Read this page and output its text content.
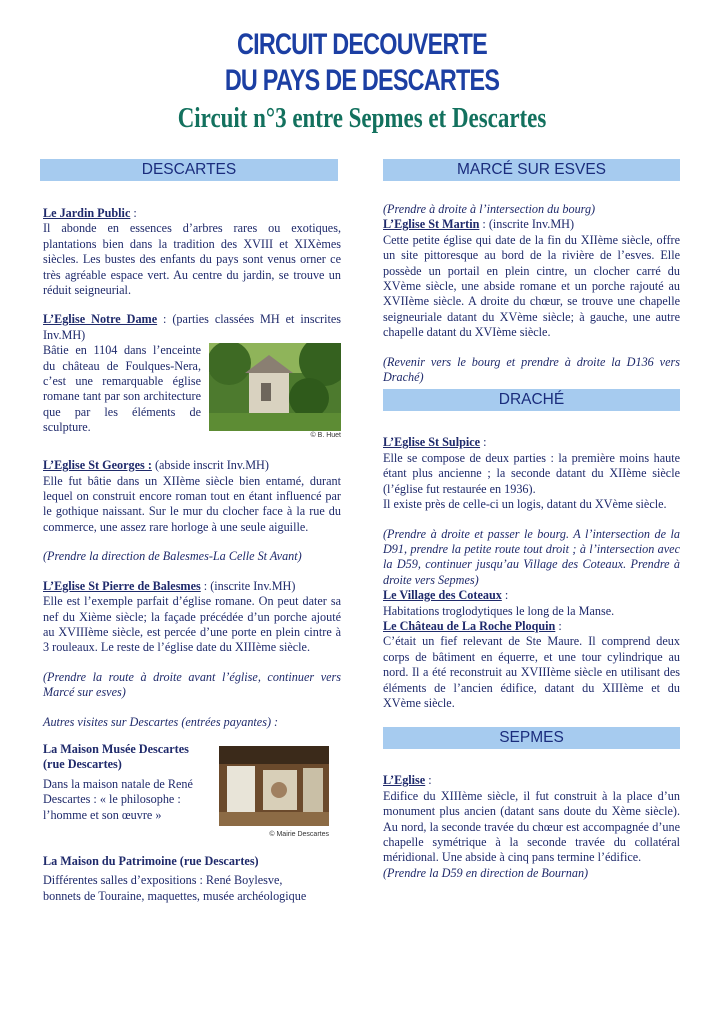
CIRCUIT DECOUVERTE
DU PAYS DE DESCARTES
Circuit n°3 entre Sepmes et Descartes
DESCARTES

Le Jardin Public :
Il abonde en essences d’arbres rares ou exotiques, plantations bien dans la tradition des XVIII et XIXèmes siècles. Les bustes des enfants du pays sont venus orner ce très agréable espace vert. Au centre du jardin, se trouve un réduit seigneurial.

L’Eglise Notre Dame : (parties classées MH et inscrites Inv.MH)

© B. Huet

Bâtie en 1104 dans l’enceinte du château de Foulques-Nera, c’est une remarquable église romane tant par son architecture que par les éléments de sculpture.

L’Eglise St Georges : (abside inscrit Inv.MH)
Elle fut bâtie dans un XIIème siècle bien entamé, durant lequel on construit encore roman tout en étant influencé par le gothique naissant. Sur le mur du clocher face à la rue du commerce, une assez rare horloge à une seule aiguille.

(Prendre la direction de Balesmes-La Celle St Avant)

L’Eglise St Pierre de Balesmes : (inscrite Inv.MH)
Elle est l’exemple parfait d’église romane. On peut dater sa nef du Xième siècle; la façade précédée d’un porche ajouté au XVIIIème siècle, est percée d’une porte en plein cintre à 3 rouleaux. Le reste de l’église date du XIIIème siècle.

(Prendre la route à droite avant l’église, continuer vers Marcé sur esves)

Autres visites sur Descartes (entrées payantes) :

La Maison Musée Descartes (rue Descartes)
Dans la maison natale de René Descartes : « le philosophe : l’homme et son œuvre »
© Mairie Descartes

La Maison du Patrimoine (rue Descartes)

Différentes salles d’expositions : René Boylesve, bonnets de Touraine, maquettes, musée archéologique

MARCÉ SUR ESVES

(Prendre à droite à l’intersection du bourg)

L’Eglise St Martin : (inscrite Inv.MH)
Cette petite église qui date de la fin du XIIème siècle, offre un site pittoresque au bord de la rivière de l’esves. Elle possède un portail en plein cintre, un clocher carré du XVème siècle, une abside romane et un porche rajouté au XVIIème siècle. A droite du chœur, se trouve une chapelle seigneuriale datant du XVème siècle; à gauche, une autre chapelle datant du XVIème siècle.

(Revenir vers le bourg et prendre à droite la D136 vers Draché)

DRACHÉ

L’Eglise St Sulpice :
Elle se compose de deux parties : la première moins haute étant plus ancienne ; la seconde datant du XIIème siècle (l’église fut restaurée en 1936).
Il existe près de celle-ci un logis, datant du XVème siècle.

(Prendre à droite et passer le bourg. A l’intersection de la D91, prendre la petite route tout droit ; à l’intersection avec la D59, continuer jusqu’au Village des Coteaux. Prendre à droite vers Sepmes)

Le Village des Coteaux :
Habitations troglodytiques le long de la Manse.
Le Château de La Roche Ploquin :
C’était un fief relevant de Ste Maure. Il comprend deux corps de bâtiment en équerre, et une tour cylindrique au nord. Il a été reconstruit au XVIIIème siècle en utilisant des éléments de l’ancien édifice, datant du XIIIème et du XVème siècle.

SEPMES

L’Eglise :
Edifice du XIIIème siècle, il fut construit à la place d’un monument plus ancien (datant sans doute du Xème siècle). Au nord, la seconde travée du chœur est accompagnée d’une chapelle symétrique à la seconde travée du collatéral méridional. Une abside à cinq pans termine l’édifice.
(Prendre la D59 en direction de Bournan)
